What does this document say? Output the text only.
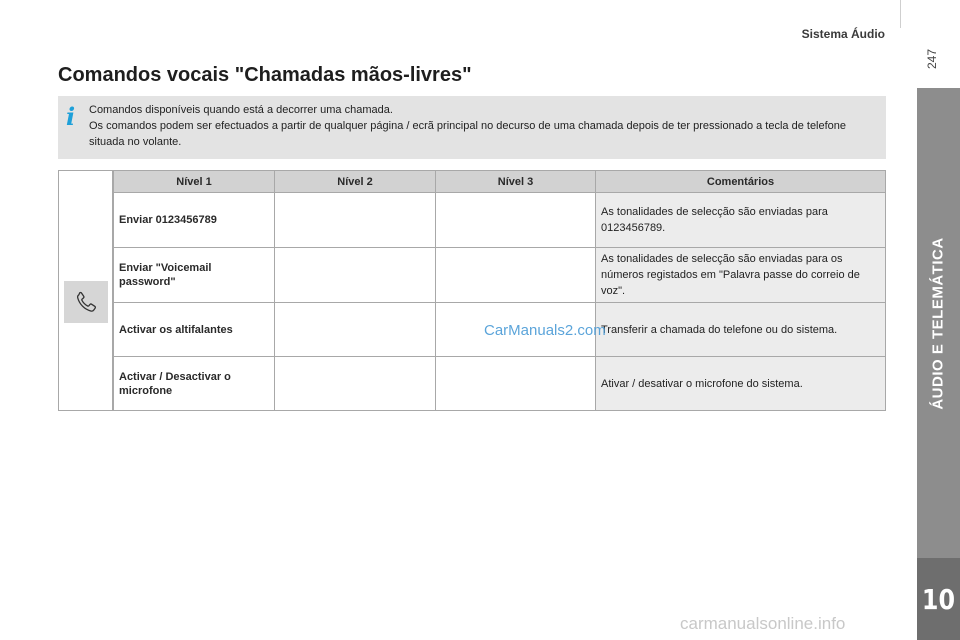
Sistema Áudio
247
ÁUDIO E TELEMÁTICA
10
Comandos vocais "Chamadas mãos-livres"
i Comandos disponíveis quando está a decorrer uma chamada.

Os comandos podem ser efectuados a partir de qualquer página / ecrã principal no decurso de uma chamada depois de ter pressionado a tecla de telefone situada no volante.

Nível 1	Nível 2	Nível 3	Comentários
Enviar 0123456789			As tonalidades de selecção são enviadas para 0123456789.
Enviar "Voicemail password"			As tonalidades de selecção são enviadas para os números registados em "Palavra passe do correio de voz".
Activar os altifalantes			Transferir a chamada do telefone ou do sistema.
Activar / Desactivar o microfone			Ativar / desativar o microfone do sistema.
CarManuals2.com
carmanualsonline.info
